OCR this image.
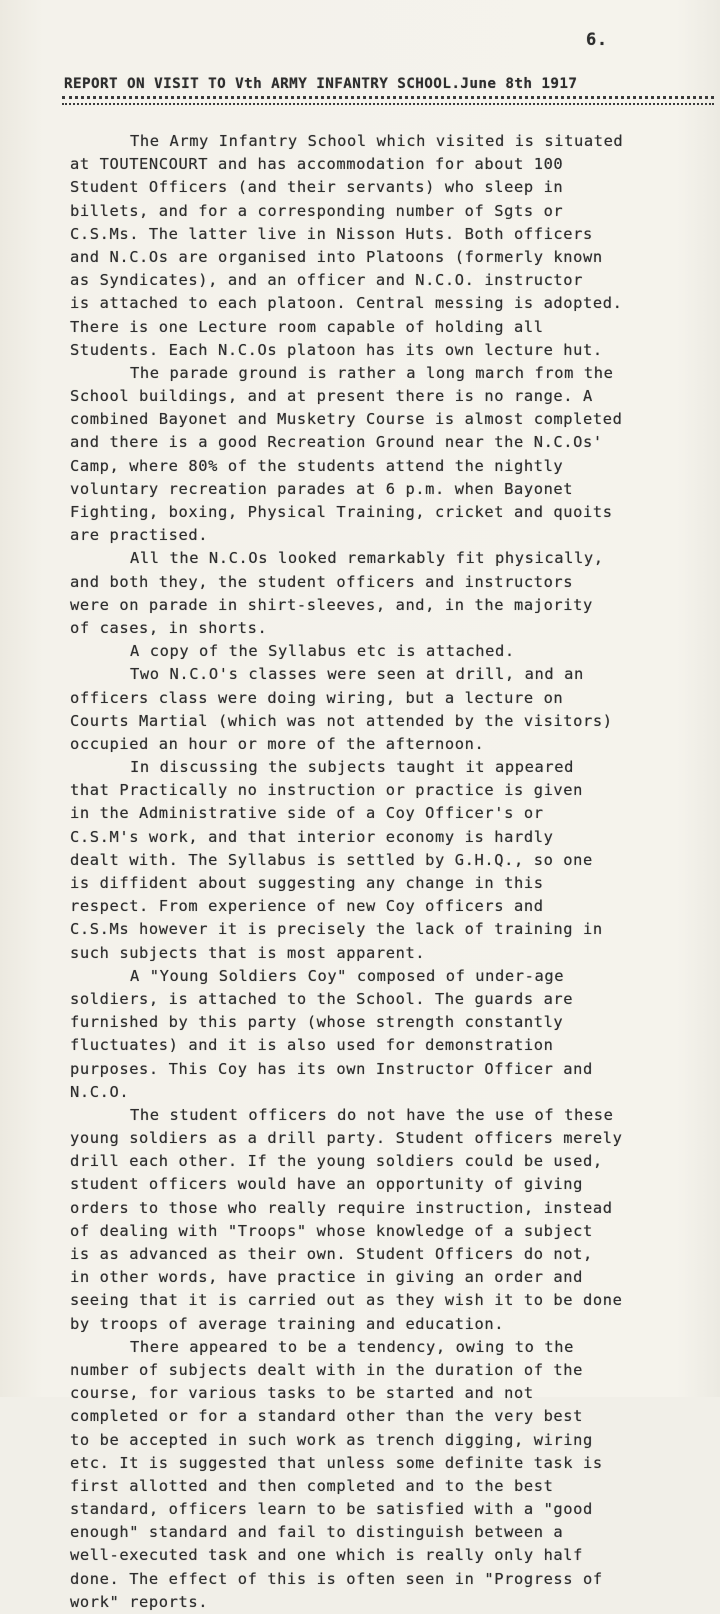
6.
REPORT ON VISIT TO Vth ARMY INFANTRY SCHOOL.June 8th 1917
The Army Infantry School which visited is situated
at TOUTENCOURT and has accommodation for about 100
Student Officers (and their servants) who sleep in
billets, and for a corresponding number of Sgts or
C.S.Ms. The latter live in Nisson Huts. Both officers
and N.C.Os are organised into Platoons (formerly known
as Syndicates), and an officer and N.C.O. instructor
is attached to each platoon. Central messing is adopted.
There is one Lecture room capable of holding all
Students. Each N.C.Os platoon has its own lecture hut.
The parade ground is rather a long march from the
School buildings, and at present there is no range. A
combined Bayonet and Musketry Course is almost completed
and there is a good Recreation Ground near the N.C.Os'
Camp, where 80% of the students attend the nightly
voluntary recreation parades at 6 p.m. when Bayonet
Fighting, boxing, Physical Training, cricket and quoits
are practised.
All the N.C.Os looked remarkably fit physically,
and both they, the student officers and instructors
were on parade in shirt-sleeves, and, in the majority
of cases, in shorts.
A copy of the Syllabus etc is attached.
Two N.C.O's classes were seen at drill, and an
officers class were doing wiring, but a lecture on
Courts Martial (which was not attended by the visitors)
occupied an hour or more of the afternoon.
In discussing the subjects taught it appeared
that Practically no instruction or practice is given
in the Administrative side of a Coy Officer's or
C.S.M's work, and that interior economy is hardly
dealt with. The Syllabus is settled by G.H.Q., so one
is diffident about suggesting any change in this
respect. From experience of new Coy officers and
C.S.Ms however it is precisely the lack of training in
such subjects that is most apparent.
A "Young Soldiers Coy" composed of under-age
soldiers, is attached to the School. The guards are
furnished by this party (whose strength constantly
fluctuates) and it is also used for demonstration
purposes. This Coy has its own Instructor Officer and
N.C.O.
The student officers do not have the use of these
young soldiers as a drill party. Student officers merely
drill each other. If the young soldiers could be used,
student officers would have an opportunity of giving
orders to those who really require instruction, instead
of dealing with "Troops" whose knowledge of a subject
is as advanced as their own. Student Officers do not,
in other words, have practice in giving an order and
seeing that it is carried out as they wish it to be done
by troops of average training and education.
There appeared to be a tendency, owing to the
number of subjects dealt with in the duration of the
course, for various tasks to be started and not
completed or for a standard other than the very best
to be accepted in such work as trench digging, wiring
etc. It is suggested that unless some definite task is
first allotted and then completed and to the best
standard, officers learn to be satisfied with a "good
enough" standard and fail to distinguish between a
well-executed task and one which is really only half
done. The effect of this is often seen in "Progress of
work" reports.
